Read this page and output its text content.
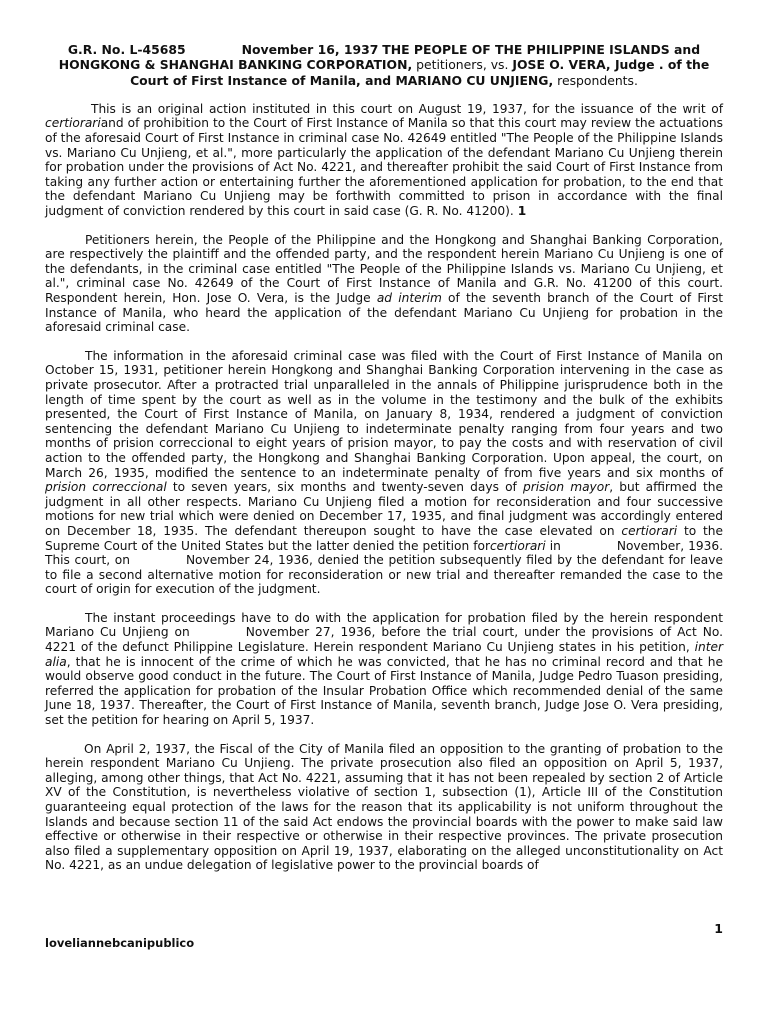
G.R. No. L-45685	November 16, 1937 THE PEOPLE OF THE PHILIPPINE ISLANDS and HONGKONG & SHANGHAI BANKING CORPORATION, petitioners, vs. JOSE O. VERA, Judge . of the Court of First Instance of Manila, and MARIANO CU UNJIENG, respondents.

This is an original action instituted in this court on August 19, 1937, for the issuance of the writ of certiorariand of prohibition to the Court of First Instance of Manila so that this court may review the actuations of the aforesaid Court of First Instance in criminal case No. 42649 entitled "The People of the Philippine Islands vs. Mariano Cu Unjieng, et al.", more particularly the application of the defendant Mariano Cu Unjieng therein for probation under the provisions of Act No. 4221, and thereafter prohibit the said Court of First Instance from taking any further action or entertaining further the aforementioned application for probation, to the end that the defendant Mariano Cu Unjieng may be forthwith committed to prison in accordance with the final judgment of conviction rendered by this court in said case (G. R. No. 41200). 1

Petitioners herein, the People of the Philippine and the Hongkong and Shanghai Banking Corporation, are respectively the plaintiff and the offended party, and the respondent herein Mariano Cu Unjieng is one of the defendants, in the criminal case entitled "The People of the Philippine Islands vs. Mariano Cu Unjieng, et al.", criminal case No. 42649 of the Court of First Instance of Manila and G.R. No. 41200 of this court. Respondent herein, Hon. Jose O. Vera, is the Judge ad interim of the seventh branch of the Court of First Instance of Manila, who heard the application of the defendant Mariano Cu Unjieng for probation in the aforesaid criminal case.

The information in the aforesaid criminal case was filed with the Court of First Instance of Manila on October 15, 1931, petitioner herein Hongkong and Shanghai Banking Corporation intervening in the case as private prosecutor. After a protracted trial unparalleled in the annals of Philippine jurisprudence both in the length of time spent by the court as well as in the volume in the testimony and the bulk of the exhibits presented, the Court of First Instance of Manila, on January 8, 1934, rendered a judgment of conviction sentencing the defendant Mariano Cu Unjieng to indeterminate penalty ranging from four years and two months of prision correccional to eight years of prision mayor, to pay the costs and with reservation of civil action to the offended party, the Hongkong and Shanghai Banking Corporation. Upon appeal, the court, on March 26, 1935, modified the sentence to an indeterminate penalty of from five years and six months of prision correccional to seven years, six months and twenty-seven days of prision mayor, but affirmed the judgment in all other respects. Mariano Cu Unjieng filed a motion for reconsideration and four successive motions for new trial which were denied on December 17, 1935, and final judgment was accordingly entered on December 18, 1935. The defendant thereupon sought to have the case elevated on certiorari to the Supreme Court of the United States but the latter denied the petition forcertiorari in	November, 1936. This court, on	November 24, 1936, denied the petition subsequently filed by the defendant for leave to file a second alternative motion for reconsideration or new trial and thereafter remanded the case to the court of origin for execution of the judgment.

The instant proceedings have to do with the application for probation filed by the herein respondent Mariano Cu Unjieng on	November 27, 1936, before the trial court, under the provisions of Act No. 4221 of the defunct Philippine Legislature. Herein respondent Mariano Cu Unjieng states in his petition, inter alia, that he is innocent of the crime of which he was convicted, that he has no criminal record and that he would observe good conduct in the future. The Court of First Instance of Manila, Judge Pedro Tuason presiding, referred the application for probation of the Insular Probation Office which recommended denial of the same June 18, 1937. Thereafter, the Court of First Instance of Manila, seventh branch, Judge Jose O. Vera presiding, set the petition for hearing on April 5, 1937.

On April 2, 1937, the Fiscal of the City of Manila filed an opposition to the granting of probation to the herein respondent Mariano Cu Unjieng. The private prosecution also filed an opposition on April 5, 1937, alleging, among other things, that Act No. 4221, assuming that it has not been repealed by section 2 of Article XV of the Constitution, is nevertheless violative of section 1, subsection (1), Article III of the Constitution guaranteeing equal protection of the laws for the reason that its applicability is not uniform throughout the Islands and because section 11 of the said Act endows the provincial boards with the power to make said law effective or otherwise in their respective or otherwise in their respective provinces. The private prosecution also filed a supplementary opposition on April 19, 1937, elaborating on the alleged unconstitutionality on Act No. 4221, as an undue delegation of legislative power to the provincial boards of

1
loveliannebcanipublico
